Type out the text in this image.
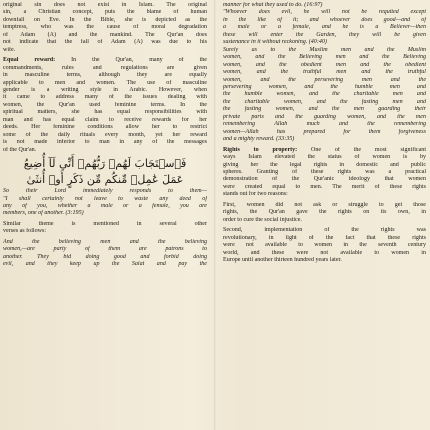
original sin does not exist in Islam. The original
sin, a Christian concept, puts the blame of human
downfall on Eve. In the Bible, she is depicted as the
temptress, who was the cause of moral degradation
of Adam (A) and the mankind. The Qur'an does
not indicate that the fall of Adam (A) was due to his
wife.
Equal reward: In the Qur'an, many of the
commandments, rules and regulations are given
in masculine terms, although they are equally
applicable to men and women. The use of masculine
gender is a writing style in Arabic. However, when
it came to address many of the issues dealing with
women, the Qur'an used feminine terms. In the
spiritual matters, she has equal responsibilities with
man and has equal claim to receive rewards for her
deeds. Her feminine conditions allow her to restrict
some of the daily rituals every month, yet her reward
is not made inferior to man in any of the messages
of the Qur'an.
فَٱسۡتَجَابَ لَهُمۡ رَبُّهُمۡ أَنِّي لَآ أُضِيعُ
عَمَلَ عَٰمِلٖ مِّنكُم مِّن ذَكَرٍ أَوۡ أُنثَىٰ
So their Lord immediately responds to them—
"I shall certainly not leave to waste any deed of
any of you, whether a male or a female, you are
members, one of another. (3:195)
Similar theme is mentioned in several other
verses as follows:
And the believing men and the believing
women,—are party of them are patrons to
another. They bid doing good and forbid doing
evil, and they keep up the Salat and pay the
manner for what they used to do. (16:97)
"Whoever does evil, he will not be requited except
in the like of it; and whoever does good—and of
a male or a female, and he is a Believer—then
these will enter the Garden, they will be given
sustenance in it without reckoning. (40:40)
Surely as to the Muslim men and the Muslim
women, and the Believing men and the Believing
women, and the obedient men and the obedient
women, and the truthful men and the truthful
women, and the persevering men and the
persevering women, and the humble men and
the humble women, and the charitable men and
the charitable women, and the fasting men and
the fasting women, and the men guarding their
private parts and the guarding women, and the men
remembering Allah much and the remembering
women—Allah has prepared for them forgiveness
and a mighty reward. (33:35)
Rights to property: One of the most significant
ways Islam elevated the status of women is by
giving her the legal rights in domestic and public
spheres. Granting of these rights was a practical
demonstration of the Qur'anic ideology that women
were created equal to men. The merit of these rights
stands out for two reasons:
First, women did not ask or struggle to get those
rights, the Qur'an gave the rights on its own, in
order to cure the social injustice.
Second, implementation of the rights was
revolutionary, in light of the fact that these rights
were not available to women in the seventh century
world, and these were not available to women in
Europe until another thirteen hundred years later.
